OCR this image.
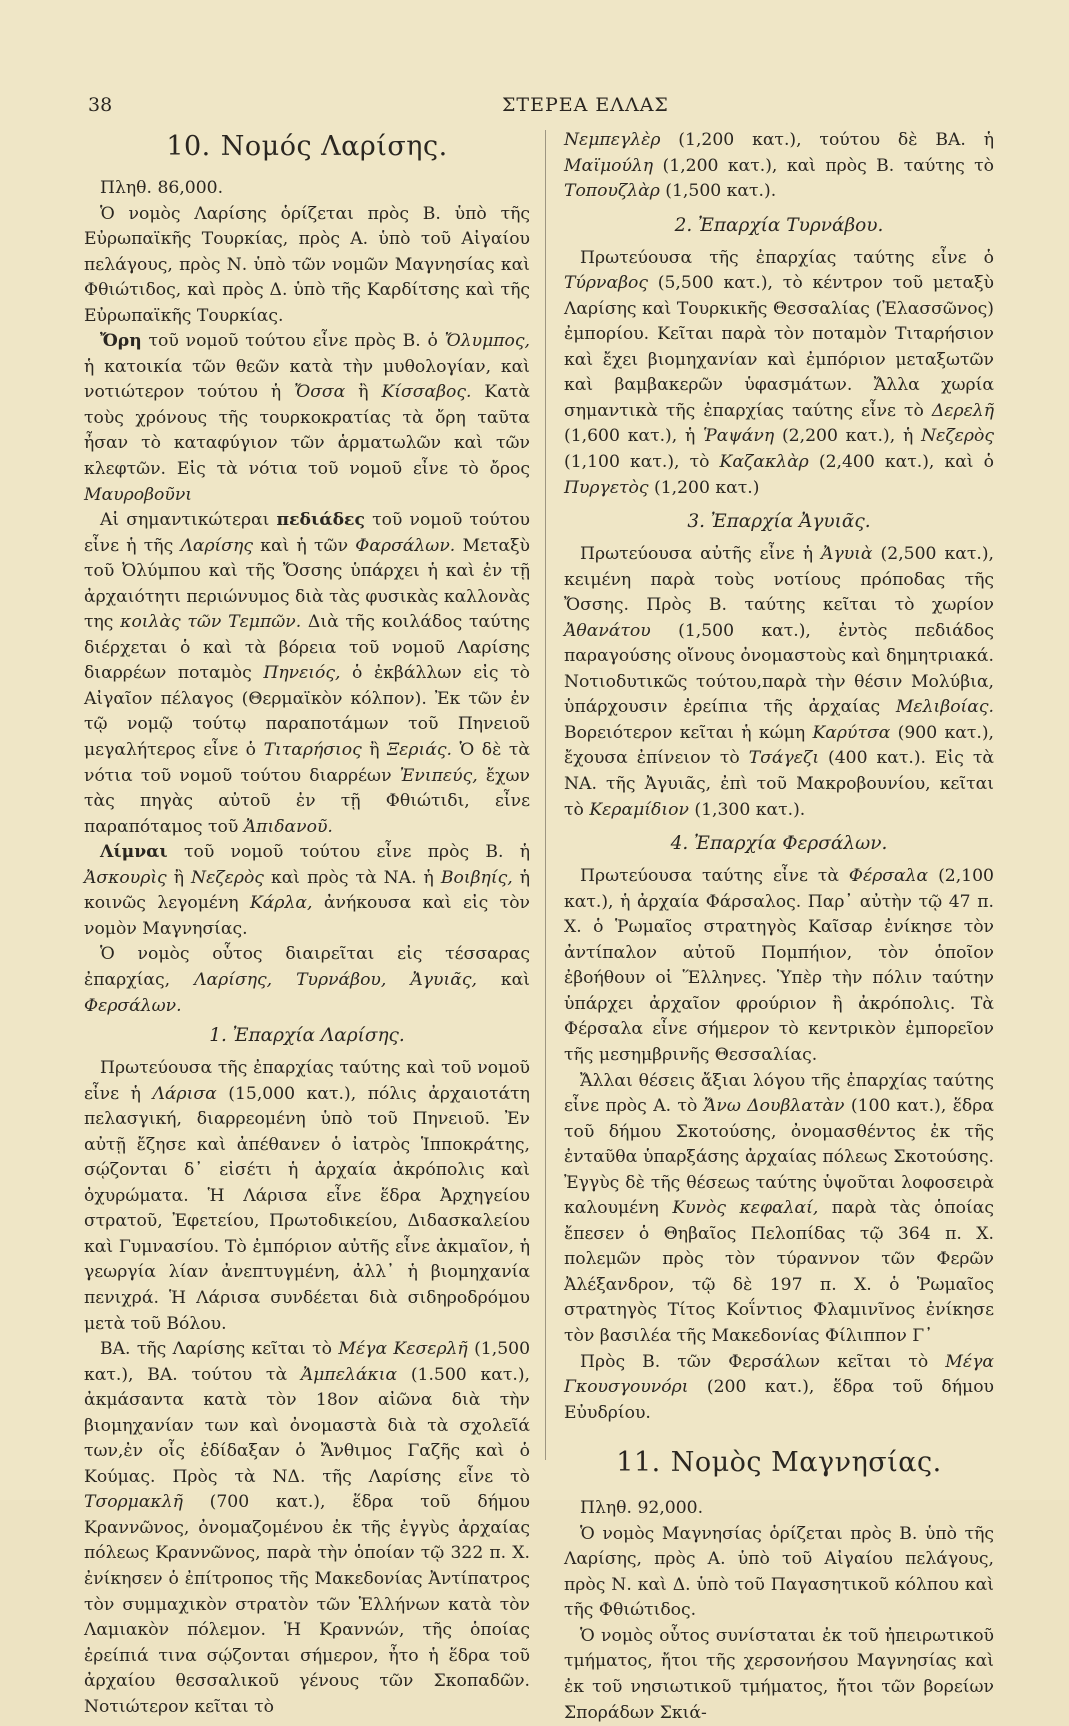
38	ΣΤΕΡΕΑ ΕΛΛΑΣ
10. Νομός Λαρίσης.

Πληθ. 86,000.

Ὁ νομὸς Λαρίσης ὁρίζεται πρὸς Β. ὑπὸ τῆς Εὐρωπαϊκῆς Τουρκίας, πρὸς Α. ὑπὸ τοῦ Αἰγαίου πελάγους, πρὸς Ν. ὑπὸ τῶν νομῶν Μαγνησίας καὶ Φθιώτιδος, καὶ πρὸς Δ. ὑπὸ τῆς Καρδίτσης καὶ τῆς Εὐρωπαϊκῆς Τουρκίας.

Ὄρη τοῦ νομοῦ τούτου εἶνε πρὸς Β. ὁ Ὄλυμπος, ἡ κατοικία τῶν θεῶν κατὰ τὴν μυθολογίαν, καὶ νοτιώτερον τούτου ἡ Ὄσσα ἢ Κίσσαβος. Κατὰ τοὺς χρόνους τῆς τουρκοκρατίας τὰ ὄρη ταῦτα ἦσαν τὸ καταφύγιον τῶν ἁρματωλῶν καὶ τῶν κλεφτῶν. Εἰς τὰ νότια τοῦ νομοῦ εἶνε τὸ ὄρος Μαυροβοῦνι

Αἱ σημαντικώτεραι πεδιάδες τοῦ νομοῦ τούτου εἶνε ἡ τῆς Λαρίσης καὶ ἡ τῶν Φαρσάλων. Μεταξὺ τοῦ Ὀλύμπου καὶ τῆς Ὄσσης ὑπάρχει ἡ καὶ ἐν τῇ ἀρχαιότητι περιώνυμος διὰ τὰς φυσικὰς καλλονὰς της κοιλὰς τῶν Τεμπῶν. Διὰ τῆς κοιλάδος ταύτης διέρχεται ὁ καὶ τὰ βόρεια τοῦ νομοῦ Λαρίσης διαρρέων ποταμὸς Πηνειός, ὁ ἐκβάλλων εἰς τὸ Αἰγαῖον πέλαγος (Θερμαϊκὸν κόλπον). Ἐκ τῶν ἐν τῷ νομῷ τούτῳ παραποτάμων τοῦ Πηνειοῦ μεγαλήτερος εἶνε ὁ Τιταρήσιος ἢ Ξεριάς. Ὁ δὲ τὰ νότια τοῦ νομοῦ τούτου διαρρέων Ἐνιπεύς, ἔχων τὰς πηγὰς αὐτοῦ ἐν τῇ Φθιώτιδι, εἶνε παραπόταμος τοῦ Ἀπιδανοῦ.

Λίμναι τοῦ νομοῦ τούτου εἶνε πρὸς Β. ἡ Ἀσκουρὶς ἢ Νεζερὸς καὶ πρὸς τὰ ΝΑ. ἡ Βοιβηίς, ἡ κοινῶς λεγομένη Κάρλα, ἀνήκουσα καὶ εἰς τὸν νομὸν Μαγνησίας.

Ὁ νομὸς οὗτος διαιρεῖται εἰς τέσσαρας ἐπαρχίας, Λαρίσης, Τυρνάβου, Ἀγυιᾶς, καὶ Φερσάλων.

1. Ἐπαρχία Λαρίσης.

Πρωτεύουσα τῆς ἐπαρχίας ταύτης καὶ τοῦ νομοῦ εἶνε ἡ Λάρισα (15,000 κατ.), πόλις ἀρχαιοτάτη πελασγική, διαρρεομένη ὑπὸ τοῦ Πηνειοῦ. Ἐν αὐτῇ ἔζησε καὶ ἀπέθανεν ὁ ἰατρὸς Ἱπποκράτης, σῴζονται δ᾽ εἰσέτι ἡ ἀρχαία ἀκρόπολις καὶ ὀχυρώματα. Ἡ Λάρισα εἶνε ἕδρα Ἀρχηγείου στρατοῦ, Ἐφετείου, Πρωτοδικείου, Διδασκαλείου καὶ Γυμνασίου. Τὸ ἐμπόριον αὐτῆς εἶνε ἀκμαῖον, ἡ γεωργία λίαν ἀνεπτυγμένη, ἀλλ᾽ ἡ βιομηχανία πενιχρά. Ἡ Λάρισα συνδέεται διὰ σιδηροδρόμου μετὰ τοῦ Βόλου.

ΒΑ. τῆς Λαρίσης κεῖται τὸ Μέγα Κεσερλῆ (1,500 κατ.), ΒΑ. τούτου τὰ Ἀμπελάκια (1.500 κατ.), ἀκμάσαντα κατὰ τὸν 18ον αἰῶνα διὰ τὴν βιομηχανίαν των καὶ ὀνομαστὰ διὰ τὰ σχολεῖά των,ἐν οἷς ἐδίδαξαν ὁ Ἄνθιμος Γαζῆς καὶ ὁ Κούμας. Πρὸς τὰ ΝΔ. τῆς Λαρίσης εἶνε τὸ Τσορμακλῆ (700 κατ.), ἕδρα τοῦ δήμου Κραννῶνος, ὀνομαζομένου ἐκ τῆς ἐγγὺς ἀρχαίας πόλεως Κραννῶνος, παρὰ τὴν ὁποίαν τῷ 322 π. Χ. ἐνίκησεν ὁ ἐπίτροπος τῆς Μακεδονίας Ἀντίπατρος τὸν συμμαχικὸν στρατὸν τῶν Ἑλλήνων κατὰ τὸν Λαμιακὸν πόλεμον. Ἡ Κραννών, τῆς ὁποίας ἐρείπιά τινα σῴζονται σήμερον, ἦτο ἡ ἕδρα τοῦ ἀρχαίου θεσσαλικοῦ γένους τῶν Σκοπαδῶν. Νοτιώτερον κεῖται τὸ

Νεμπεγλὲρ (1,200 κατ.), τούτου δὲ ΒΑ. ἡ Μαϊμούλη (1,200 κατ.), καὶ πρὸς Β. ταύτης τὸ Τοπουζλὰρ (1,500 κατ.).

2. Ἐπαρχία Τυρνάβου.

Πρωτεύουσα τῆς ἐπαρχίας ταύτης εἶνε ὁ Τύρναβος (5,500 κατ.), τὸ κέντρον τοῦ μεταξὺ Λαρίσης καὶ Τουρκικῆς Θεσσαλίας (Ἐλασσῶνος) ἐμπορίου. Κεῖται παρὰ τὸν ποταμὸν Τιταρήσιον καὶ ἔχει βιομηχανίαν καὶ ἐμπόριον μεταξωτῶν καὶ βαμβακερῶν ὑφασμάτων. Ἄλλα χωρία σημαντικὰ τῆς ἐπαρχίας ταύτης εἶνε τὸ Δερελῆ (1,600 κατ.), ἡ Ῥαψάνη (2,200 κατ.), ἡ Νεζερὸς (1,100 κατ.), τὸ Καζακλὰρ (2,400 κατ.), καὶ ὁ Πυργετὸς (1,200 κατ.)

3. Ἐπαρχία Ἀγυιᾶς.

Πρωτεύουσα αὐτῆς εἶνε ἡ Ἀγυιὰ (2,500 κατ.), κειμένη παρὰ τοὺς νοτίους πρόποδας τῆς Ὄσσης. Πρὸς Β. ταύτης κεῖται τὸ χωρίον Ἀθανάτου (1,500 κατ.), ἐντὸς πεδιάδος παραγούσης οἴνους ὀνομαστοὺς καὶ δημητριακά. Νοτιοδυτικῶς τούτου,παρὰ τὴν θέσιν Μολύβια, ὑπάρχουσιν ἐρείπια τῆς ἀρχαίας Μελιβοίας. Βορειότερον κεῖται ἡ κώμη Καρύτσα (900 κατ.), ἔχουσα ἐπίνειον τὸ Τσάγεζι (400 κατ.). Εἰς τὰ ΝΑ. τῆς Ἀγυιᾶς, ἐπὶ τοῦ Μακροβουνίου, κεῖται τὸ Κεραμίδιον (1,300 κατ.).

4. Ἐπαρχία Φερσάλων.

Πρωτεύουσα ταύτης εἶνε τὰ Φέρσαλα (2,100 κατ.), ἡ ἀρχαία Φάρσαλος. Παρ᾽ αὐτὴν τῷ 47 π. Χ. ὁ Ῥωμαῖος στρατηγὸς Καῖσαρ ἐνίκησε τὸν ἀντίπαλον αὐτοῦ Πομπήιον, τὸν ὁποῖον ἐβοήθουν οἱ Ἕλληνες. Ὑπὲρ τὴν πόλιν ταύτην ὑπάρχει ἀρχαῖον φρούριον ἢ ἀκρόπολις. Τὰ Φέρσαλα εἶνε σήμερον τὸ κεντρικὸν ἐμπορεῖον τῆς μεσημβρινῆς Θεσσαλίας.

Ἄλλαι θέσεις ἄξιαι λόγου τῆς ἐπαρχίας ταύτης εἶνε πρὸς Α. τὸ Ἄνω Δουβλατὰν (100 κατ.), ἕδρα τοῦ δήμου Σκοτούσης, ὀνομασθέντος ἐκ τῆς ἐνταῦθα ὑπαρξάσης ἀρχαίας πόλεως Σκοτούσης. Ἐγγὺς δὲ τῆς θέσεως ταύτης ὑψοῦται λοφοσειρὰ καλουμένη Κυνὸς κεφαλαί, παρὰ τὰς ὁποίας ἔπεσεν ὁ Θηβαῖος Πελοπίδας τῷ 364 π. Χ. πολεμῶν πρὸς τὸν τύραννον τῶν Φερῶν Ἀλέξανδρον, τῷ δὲ 197 π. Χ. ὁ Ῥωμαῖος στρατηγὸς Τίτος Κοΐντιος Φλαμινῖνος ἐνίκησε τὸν βασιλέα τῆς Μακεδονίας Φίλιππον Γ᾽

Πρὸς Β. τῶν Φερσάλων κεῖται τὸ Μέγα Γκουσγουνόρι (200 κατ.), ἕδρα τοῦ δήμου Εὐυδρίου.

11. Νομὸς Μαγνησίας.

Πληθ. 92,000.

Ὁ νομὸς Μαγνησίας ὁρίζεται πρὸς Β. ὑπὸ τῆς Λαρίσης, πρὸς Α. ὑπὸ τοῦ Αἰγαίου πελάγους, πρὸς Ν. καὶ Δ. ὑπὸ τοῦ Παγασητικοῦ κόλπου καὶ τῆς Φθιώτιδος.

Ὁ νομὸς οὗτος συνίσταται ἐκ τοῦ ἠπειρωτικοῦ τμήματος, ἤτοι τῆς χερσονήσου Μαγνησίας καὶ ἐκ τοῦ νησιωτικοῦ τμήματος, ἤτοι τῶν βορείων Σποράδων Σκιά-
